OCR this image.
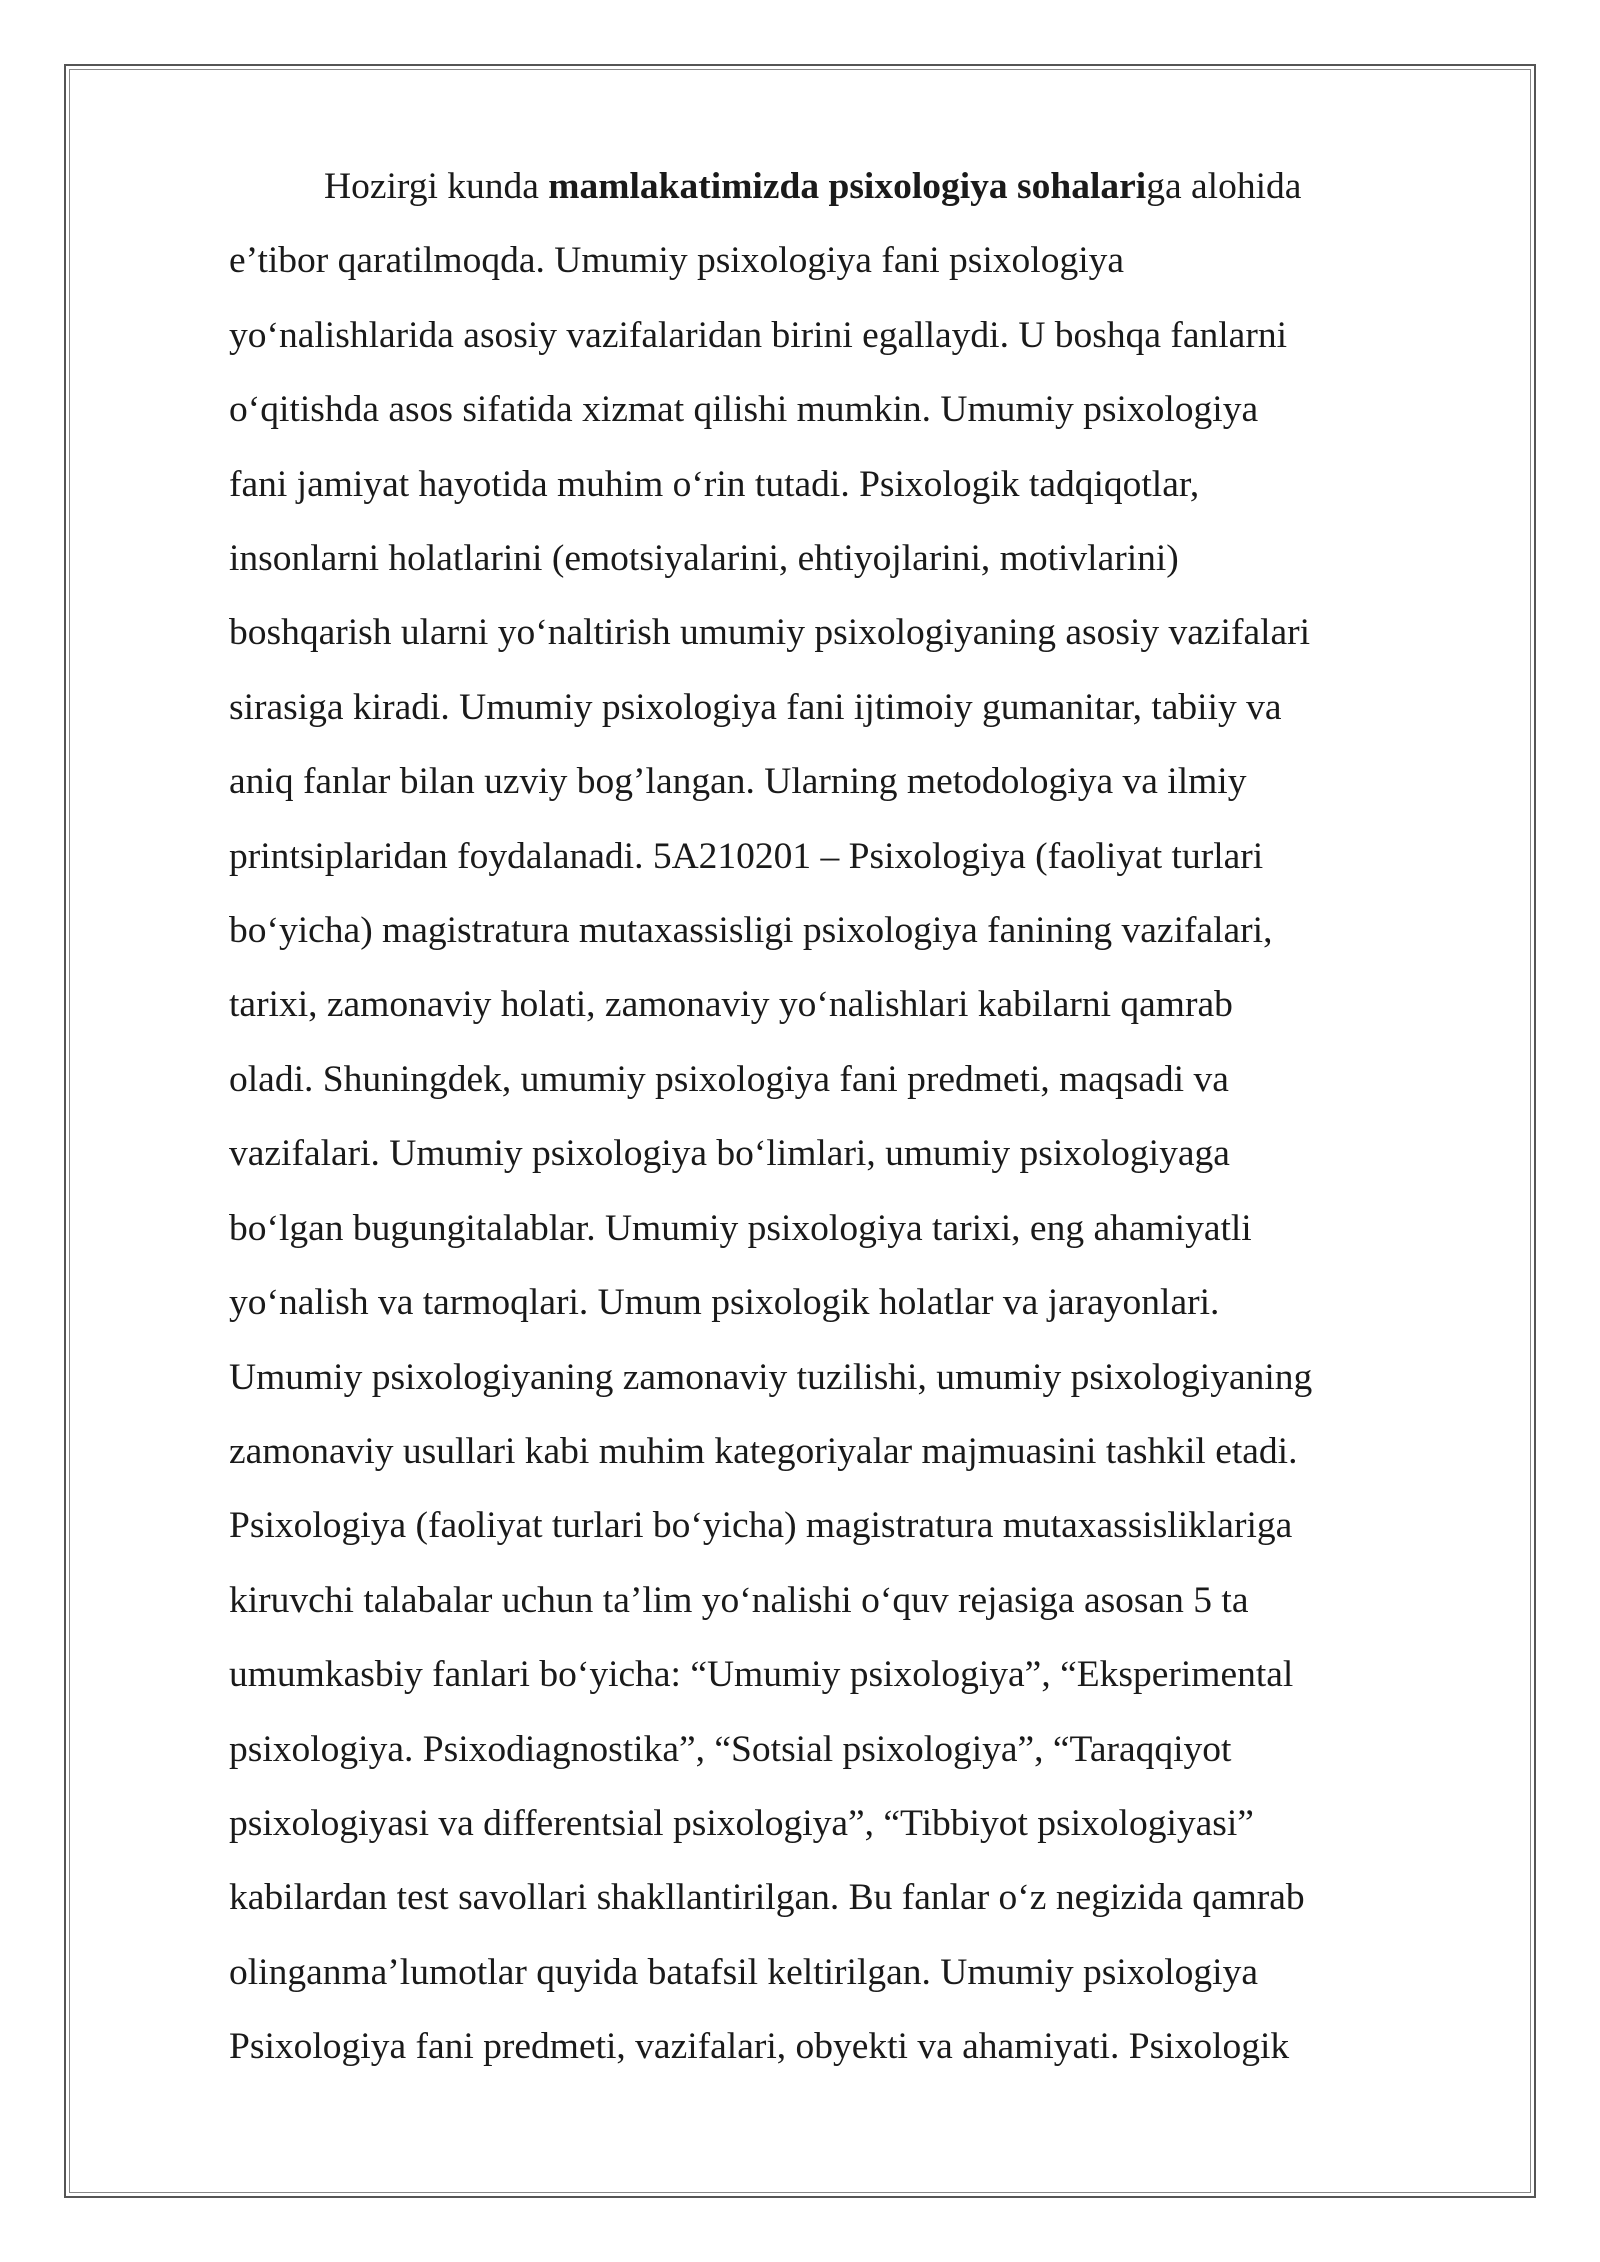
Hozirgi kunda mamlakatimizda psixologiya sohalariga alohida
e’tibor qaratilmoqda. Umumiy psixologiya fani psixologiya
yo‘nalishlarida asosiy vazifalaridan birini egallaydi. U boshqa fanlarni
o‘qitishda asos sifatida xizmat qilishi mumkin. Umumiy psixologiya
fani jamiyat hayotida muhim o‘rin tutadi. Psixologik tadqiqotlar,
insonlarni holatlarini (emotsiyalarini, ehtiyojlarini, motivlarini)
boshqarish ularni yo‘naltirish umumiy psixologiyaning asosiy vazifalari
sirasiga kiradi. Umumiy psixologiya fani ijtimoiy gumanitar, tabiiy va
aniq fanlar bilan uzviy bog’langan. Ularning metodologiya va ilmiy
printsiplaridan foydalanadi. 5A210201 – Psixologiya (faoliyat turlari
bo‘yicha) magistratura mutaxassisligi psixologiya fanining vazifalari,
tarixi, zamonaviy holati, zamonaviy yo‘nalishlari kabilarni qamrab
oladi. Shuningdek, umumiy psixologiya fani predmeti, maqsadi va
vazifalari. Umumiy psixologiya bo‘limlari, umumiy psixologiyaga
bo‘lgan bugungitalablar. Umumiy psixologiya tarixi, eng ahamiyatli
yo‘nalish va tarmoqlari. Umum psixologik holatlar va jarayonlari.
Umumiy psixologiyaning zamonaviy tuzilishi, umumiy psixologiyaning
zamonaviy usullari kabi muhim kategoriyalar majmuasini tashkil etadi.
Psixologiya (faoliyat turlari bo‘yicha) magistratura mutaxassisliklariga
kiruvchi talabalar uchun ta’lim yo‘nalishi o‘quv rejasiga asosan 5 ta
umumkasbiy fanlari bo‘yicha: “Umumiy psixologiya”, “Eksperimental
psixologiya. Psixodiagnostika”, “Sotsial psixologiya”, “Taraqqiyot
psixologiyasi va differentsial psixologiya”, “Tibbiyot psixologiyasi”
kabilardan test savollari shakllantirilgan. Bu fanlar o‘z negizida qamrab
olinganma’lumotlar quyida batafsil keltirilgan. Umumiy psixologiya
Psixologiya fani predmeti, vazifalari, obyekti va ahamiyati. Psixologik
